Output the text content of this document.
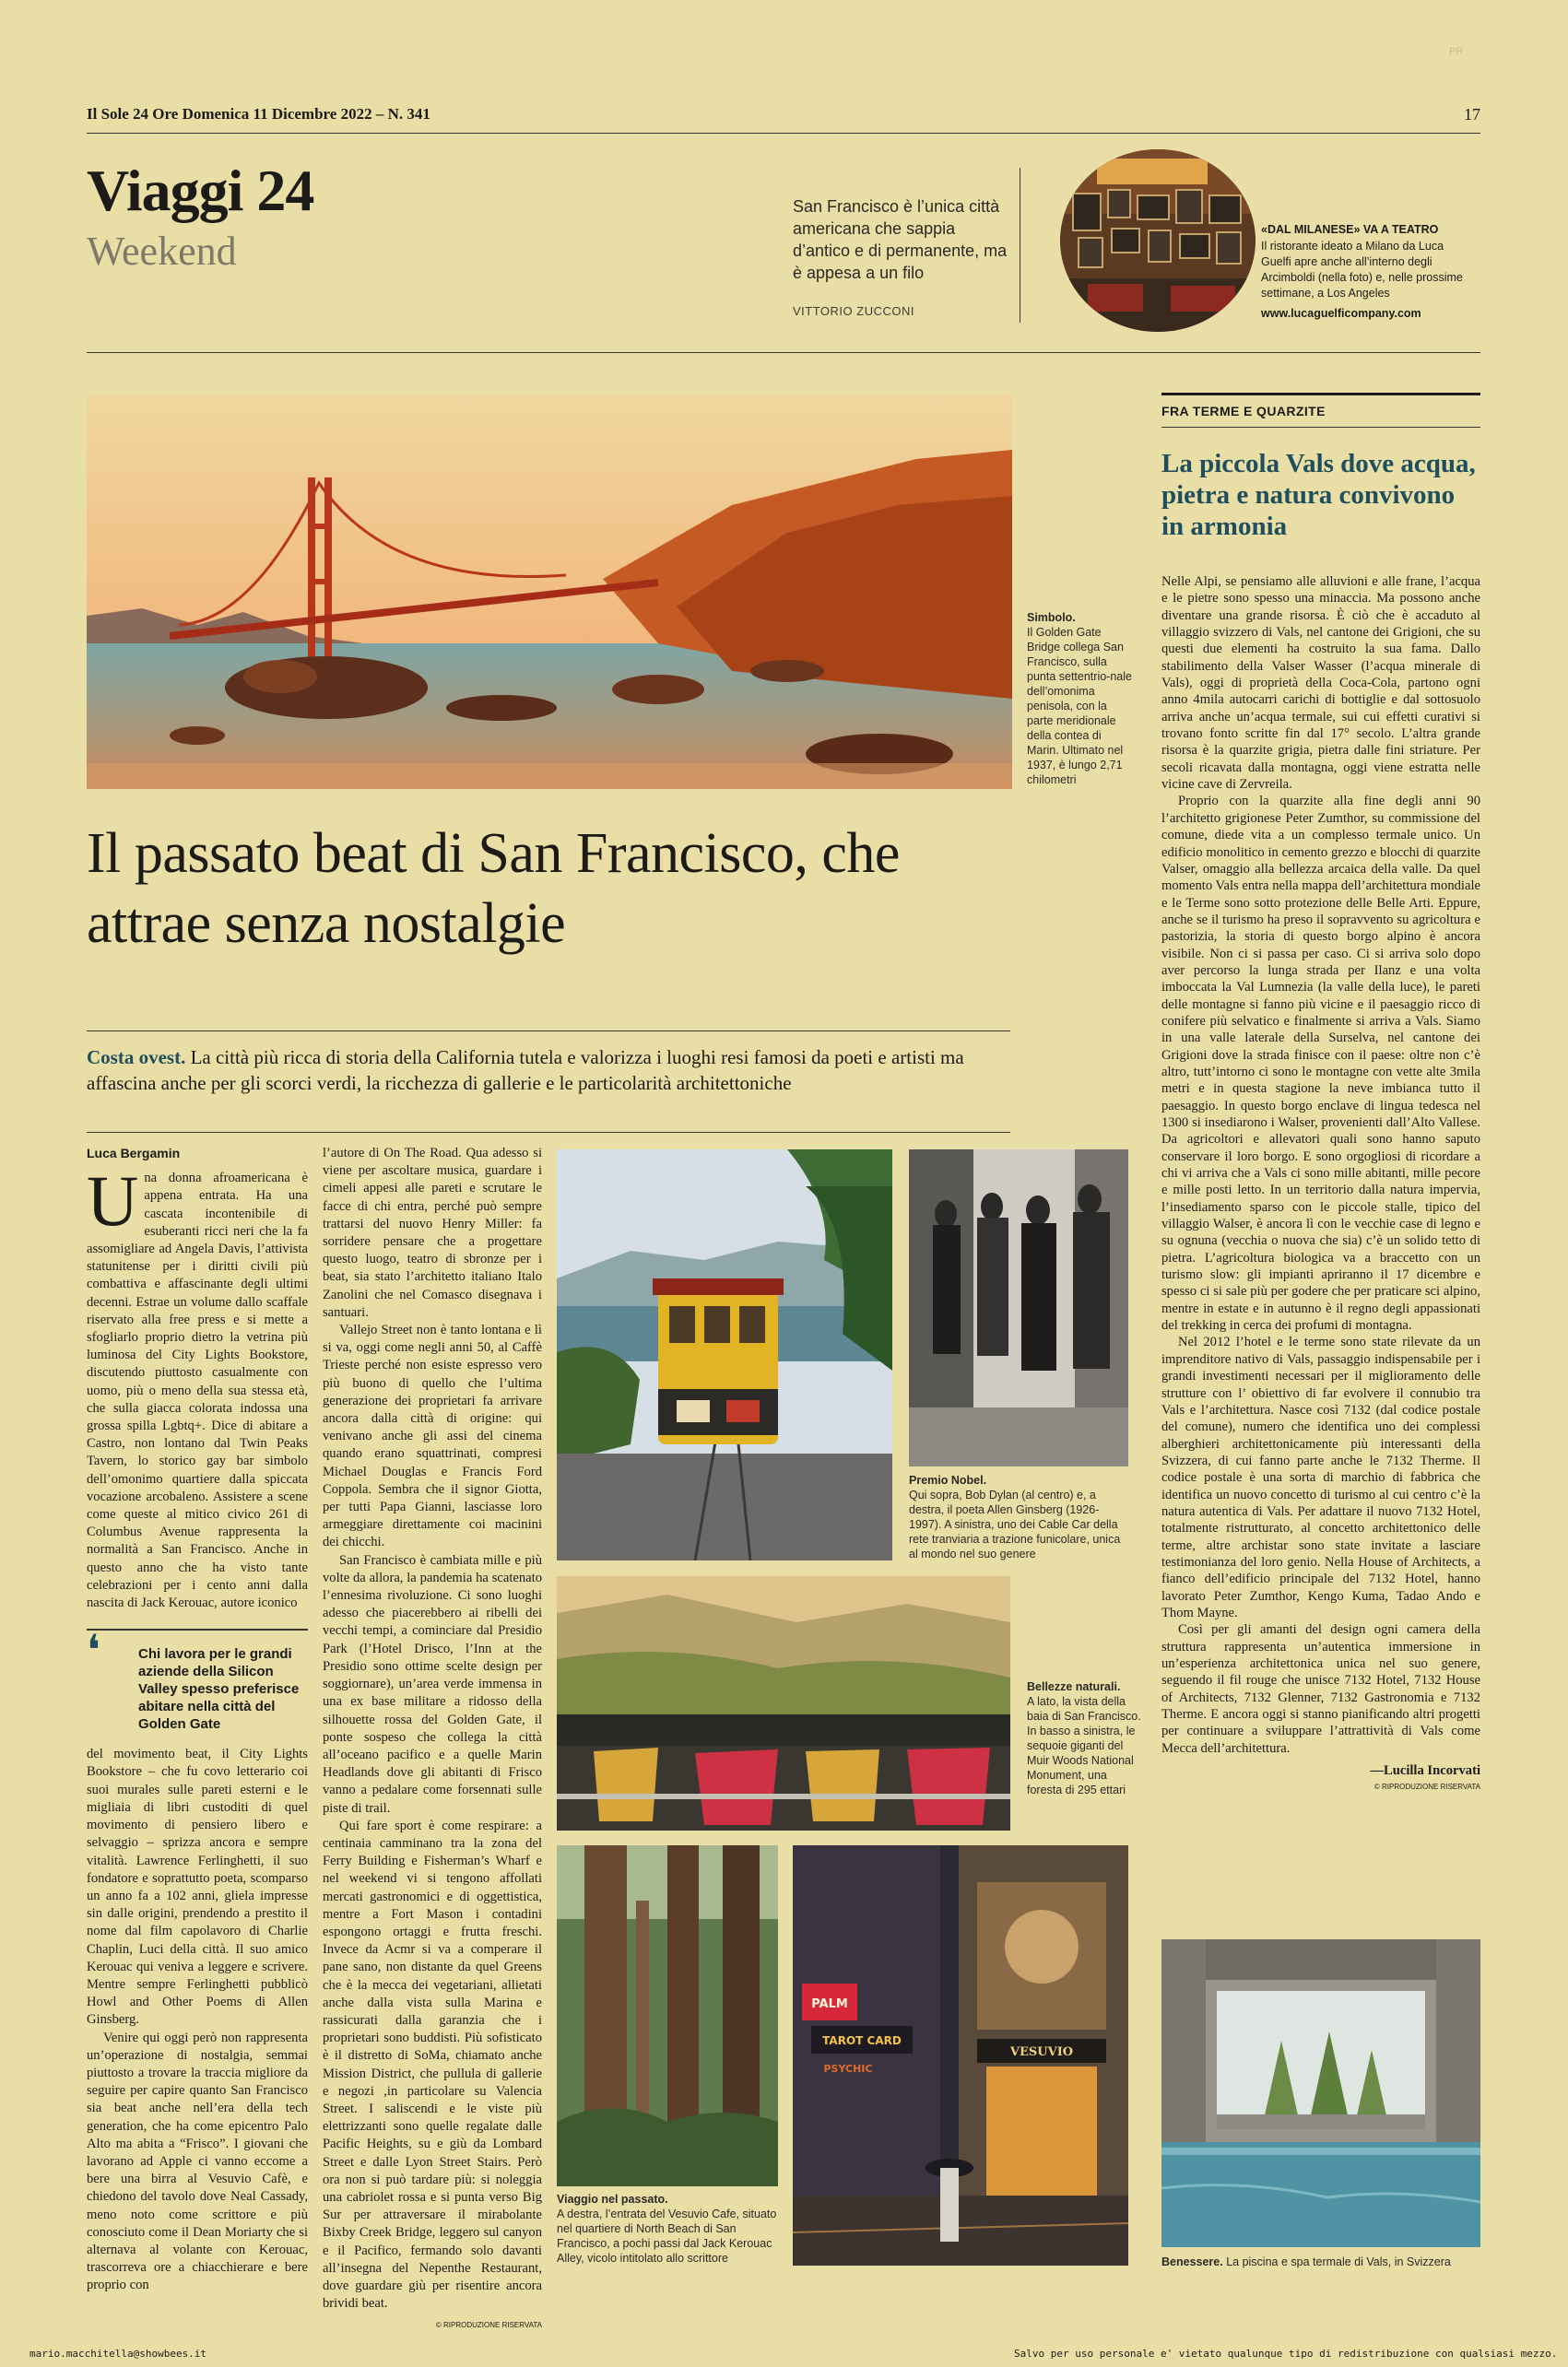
PR
Il Sole 24 Ore Domenica 11 Dicembre 2022 – N. 341	17
Viaggi 24
Weekend
San Francisco è l’unica città americana che sappia d’antico e di permanente, ma è appesa a un filo
VITTORIO ZUCCONI
«DAL MILANESE» VA A TEATRO
Il ristorante ideato a Milano da Luca Guelfi apre anche all’interno degli Arcimboldi (nella foto) e, nelle prossime settimane, a Los Angeles
www.lucaguelficompany.com
Simbolo.
Il Golden Gate Bridge collega San Francisco, sulla punta settentrio-nale dell’omonima penisola, con la parte meridionale della contea di Marin. Ultimato nel 1937, è lungo 2,71 chilometri
Il passato beat di San Francisco, che attrae senza nostalgie
Costa ovest. La città più ricca di storia della California tutela e valorizza i luoghi resi famosi da poeti e artisti ma affascina anche per gli scorci verdi, la ricchezza di gallerie e le particolarità architettoniche
Luca Bergamin
U na donna afroamericana è appena entrata. Ha una cascata incontenibile di esuberanti ricci neri che la fa assomigliare ad Angela Davis, l’attivista statunitense per i diritti civili più combattiva e affascinante degli ultimi decenni. Estrae un volume dallo scaffale riservato alla free press e si mette a sfogliarlo proprio dietro la vetrina più luminosa del City Lights Bookstore, discutendo piuttosto casualmente con uomo, più o meno della sua stessa età, che sulla giacca colorata indossa una grossa spilla Lgbtq+. Dice di abitare a Castro, non lontano dal Twin Peaks Tavern, lo storico gay bar simbolo dell’omonimo quartiere dalla spiccata vocazione arcobaleno. Assistere a scene come queste al mitico civico 261 di Columbus Avenue rappresenta la normalità a San Francisco. Anche in questo anno che ha visto tante celebrazioni per i cento anni dalla nascita di Jack Kerouac, autore iconico

❛	Chi lavora per le grandi aziende della Silicon Valley spesso preferisce abitare nella città del Golden Gate

del movimento beat, il City Lights Bookstore – che fu covo letterario coi suoi murales sulle pareti esterni e le migliaia di libri custoditi di quel movimento di pensiero libero e selvaggio – sprizza ancora e sempre vitalità. Lawrence Ferlinghetti, il suo fondatore e soprattutto poeta, scomparso un anno fa a 102 anni, gliela impresse sin dalle origini, prendendo a prestito il nome dal film capolavoro di Charlie Chaplin, Luci della città. Il suo amico Kerouac qui veniva a leggere e scrivere. Mentre sempre Ferlinghetti pubblicò Howl and Other Poems di Allen Ginsberg.

Venire qui oggi però non rappresenta un’operazione di nostalgia, semmai piuttosto a trovare la traccia migliore da seguire per capire quanto San Francisco sia beat anche nell’era della tech generation, che ha come epicentro Palo Alto ma abita a “Frisco”. I giovani che lavorano ad Apple ci vanno eccome a bere una birra al Vesuvio Cafè, e chiedono del tavolo dove Neal Cassady, meno noto come scrittore e più conosciuto come il Dean Moriarty che si alternava al volante con Kerouac, trascorreva ore a chiacchierare e bere proprio con

l’autore di On The Road. Qua adesso si viene per ascoltare musica, guardare i cimeli appesi alle pareti e scrutare le facce di chi entra, perché può sempre trattarsi del nuovo Henry Miller: fa sorridere pensare che a progettare questo luogo, teatro di sbronze per i beat, sia stato l’architetto italiano Italo Zanolini che nel Comasco disegnava i santuari.

Vallejo Street non è tanto lontana e lì si va, oggi come negli anni 50, al Caffè Trieste perché non esiste espresso vero più buono di quello che l’ultima generazione dei proprietari fa arrivare ancora dalla città di origine: qui venivano anche gli assi del cinema quando erano squattrinati, compresi Michael Douglas e Francis Ford Coppola. Sembra che il signor Giotta, per tutti Papa Gianni, lasciasse loro armeggiare direttamente coi macinini dei chicchi.

San Francisco è cambiata mille e più volte da allora, la pandemia ha scatenato l’ennesima rivoluzione. Ci sono luoghi adesso che piacerebbero ai ribelli dei vecchi tempi, a cominciare dal Presidio Park (l’Hotel Drisco, l’Inn at the Presidio sono ottime scelte design per soggiornare), un’area verde immensa in una ex base militare a ridosso della silhouette rossa del Golden Gate, il ponte sospeso che collega la città all’oceano pacifico e a quelle Marin Headlands dove gli abitanti di Frisco vanno a pedalare come forsennati sulle piste di trail.

Qui fare sport è come respirare: a centinaia camminano tra la zona del Ferry Building e Fisherman’s Wharf e nel weekend vi si tengono affollati mercati gastronomici e di oggettistica, mentre a Fort Mason i contadini espongono ortaggi e frutta freschi. Invece da Acmr si va a comperare il pane sano, non distante da quel Greens che è la mecca dei vegetariani, allietati anche dalla vista sulla Marina e rassicurati dalla garanzia che i proprietari sono buddisti. Più sofisticato è il distretto di SoMa, chiamato anche Mission District, che pullula di gallerie e negozi ,in particolare su Valencia Street. I saliscendi e le viste più elettrizzanti sono quelle regalate dalle Pacific Heights, su e giù da Lombard Street e dalle Lyon Street Stairs. Però ora non si può tardare più: si noleggia una cabriolet rossa e si punta verso Big Sur per attraversare il mirabolante Bixby Creek Bridge, leggero sul canyon e il Pacifico, fermando solo davanti all’insegna del Nepenthe Restaurant, dove guardare giù per risentire ancora brividi beat.

© RIPRODUZIONE RISERVATA
Premio Nobel.
Qui sopra, Bob Dylan (al centro) e, a destra, il poeta Allen Ginsberg (1926-1997). A sinistra, uno dei Cable Car della rete tranviaria a trazione funicolare, unica al mondo nel suo genere
Bellezze naturali.
A lato, la vista della baia di San Francisco. In basso a sinistra, le sequoie giganti del Muir Woods National Monument, una foresta di 295 ettari
Viaggio nel passato.
A destra, l’entrata del Vesuvio Cafe, situato nel quartiere di North Beach di San Francisco, a pochi passi dal Jack Kerouac Alley, vicolo intitolato allo scrittore
PALM
TAROT CARD
PSYCHIC
VESUVIO
FRA TERME E QUARZITE
La piccola Vals dove acqua, pietra e natura convivono in armonia

Nelle Alpi, se pensiamo alle alluvioni e alle frane, l’acqua e le pietre sono spesso una minaccia. Ma possono anche diventare una grande risorsa. È ciò che è accaduto al villaggio svizzero di Vals, nel cantone dei Grigioni, che su questi due elementi ha costruito la sua fama. Dallo stabilimento della Valser Wasser (l’acqua minerale di Vals), oggi di proprietà della Coca-Cola, partono ogni anno 4mila autocarri carichi di bottiglie e dal sottosuolo arriva anche un’acqua termale, sui cui effetti curativi si trovano fonto scritte fin dal 17° secolo. L’altra grande risorsa è la quarzite grigia, pietra dalle fini striature. Per secoli ricavata dalla montagna, oggi viene estratta nelle vicine cave di Zervreila.

Proprio con la quarzite alla fine degli anni 90 l’architetto grigionese Peter Zumthor, su commissione del comune, diede vita a un complesso termale unico. Un edificio monolitico in cemento grezzo e blocchi di quarzite Valser, omaggio alla bellezza arcaica della valle. Da quel momento Vals entra nella mappa dell’architettura mondiale e le Terme sono sotto protezione delle Belle Arti. Eppure, anche se il turismo ha preso il sopravvento su agricoltura e pastorizia, la storia di questo borgo alpino è ancora visibile. Non ci si passa per caso. Ci si arriva solo dopo aver percorso la lunga strada per Ilanz e una volta imboccata la Val Lumnezia (la valle della luce), le pareti delle montagne si fanno più vicine e il paesaggio ricco di conifere più selvatico e finalmente si arriva a Vals. Siamo in una valle laterale della Surselva, nel cantone dei Grigioni dove la strada finisce con il paese: oltre non c’è altro, tutt’intorno ci sono le montagne con vette alte 3mila metri e in questa stagione la neve imbianca tutto il paesaggio. In questo borgo enclave di lingua tedesca nel 1300 si insediarono i Walser, provenienti dall’Alto Vallese. Da agricoltori e allevatori quali sono hanno saputo conservare il loro borgo. E sono orgogliosi di ricordare a chi vi arriva che a Vals ci sono mille abitanti, mille pecore e mille posti letto. In un territorio dalla natura impervia, l’insediamento sparso con le piccole stalle, tipico del villaggio Walser, è ancora lì con le vecchie case di legno e su ognuna (vecchia o nuova che sia) c’è un solido tetto di pietra. L’agricoltura biologica va a braccetto con un turismo slow: gli impianti apriranno il 17 dicembre e spesso ci si sale più per godere che per praticare sci alpino, mentre in estate e in autunno è il regno degli appassionati del trekking in cerca dei profumi di montagna.

Nel 2012 l’hotel e le terme sono state rilevate da un imprenditore nativo di Vals, passaggio indispensabile per i grandi investimenti necessari per il miglioramento delle strutture con l’ obiettivo di far evolvere il connubio tra Vals e l’architettura. Nasce così 7132 (dal codice postale del comune), numero che identifica uno dei complessi alberghieri architettonicamente più interessanti della Svizzera, di cui fanno parte anche le 7132 Therme. Il codice postale è una sorta di marchio di fabbrica che identifica un nuovo concetto di turismo al cui centro c’è la natura autentica di Vals. Per adattare il nuovo 7132 Hotel, totalmente ristrutturato, al concetto architettonico delle terme, altre archistar sono state invitate a lasciare testimonianza del loro genio. Nella House of Architects, a fianco dell’edificio principale del 7132 Hotel, hanno lavorato Peter Zumthor, Kengo Kuma, Tadao Ando e Thom Mayne.

Così per gli amanti del design ogni camera della struttura rappresenta un’autentica immersione in un’esperienza architettonica unica nel suo genere, seguendo il fil rouge che unisce 7132 Hotel, 7132 House of Architects, 7132 Glenner, 7132 Gastronomia e 7132 Therme. E ancora oggi si stanno pianificando altri progetti per continuare a sviluppare l’attrattività di Vals come Mecca dell’architettura.

—Lucilla Incorvati
© RIPRODUZIONE RISERVATA
Benessere. La piscina e spa termale di Vals, in Svizzera
mario.macchitella@showbees.it	Salvo per uso personale e' vietato qualunque tipo di redistribuzione con qualsiasi mezzo.
